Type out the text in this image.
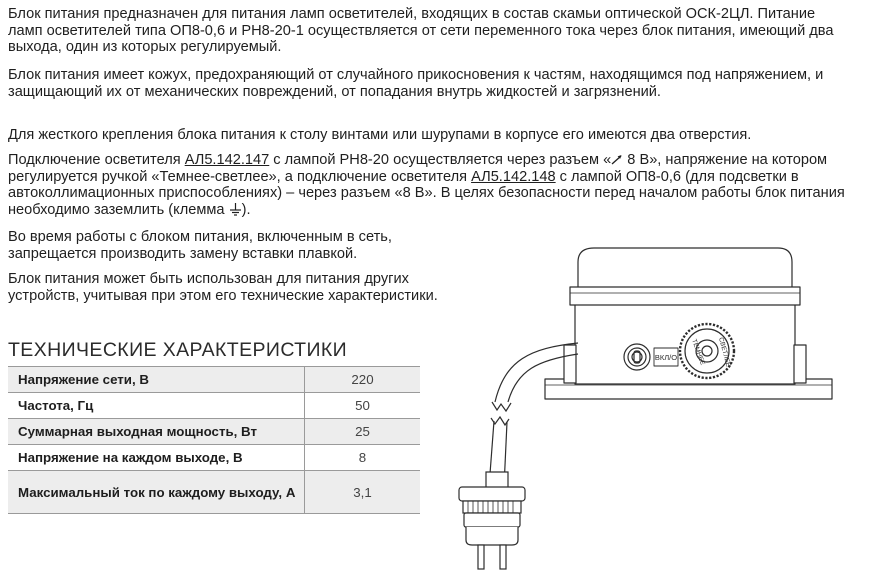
Блок питания предназначен для питания ламп осветителей, входящих в состав скамьи оптической ОСК-2ЦЛ. Питание ламп осветителей типа ОП8-0,6 и РН8-20-1 осуществляется от сети переменного тока через блок питания, имеющий два выхода, один из которых регулируемый.

Блок питания имеет кожух, предохраняющий от случайного прикосновения к частям, находящимся под напряжением, и защищающий их от механических повреждений, от попадания внутрь жидкостей и загрязнений.

Для жесткого крепления блока питания к столу винтами или шурупами в корпусе его имеются два отверстия.

Подключение осветителя АЛ5.142.147 с лампой РН8-20 осуществляется через разъем « 8 В», напряжение на котором регулируется ручкой «Темнее-светлее», а подключение осветителя АЛ5.142.148 с лампой ОП8-0,6 (для подсветки в автоколлимационных приспособлениях) – через разъем «8 В». В целях безопасности перед началом работы блок питания необходимо заземлить (клемма ).

Во время работы с блоком питания, включенным в сеть, запрещается производить замену вставки плавкой.

Блок питания может быть использован для питания других устройств, учитывая при этом его технические характеристики.

ТЕХНИЧЕСКИЕ ХАРАКТЕРИСТИКИ
Напряжение сети, В	220
Частота, Гц	50
Суммарная выходная мощность, Вт	25
Напряжение на каждом выходе, В	8
Максимальный ток по каждому выходу, А	3,1
ВКЛ/О ТЕМНЕЕ СВЕТЛЕЕ
